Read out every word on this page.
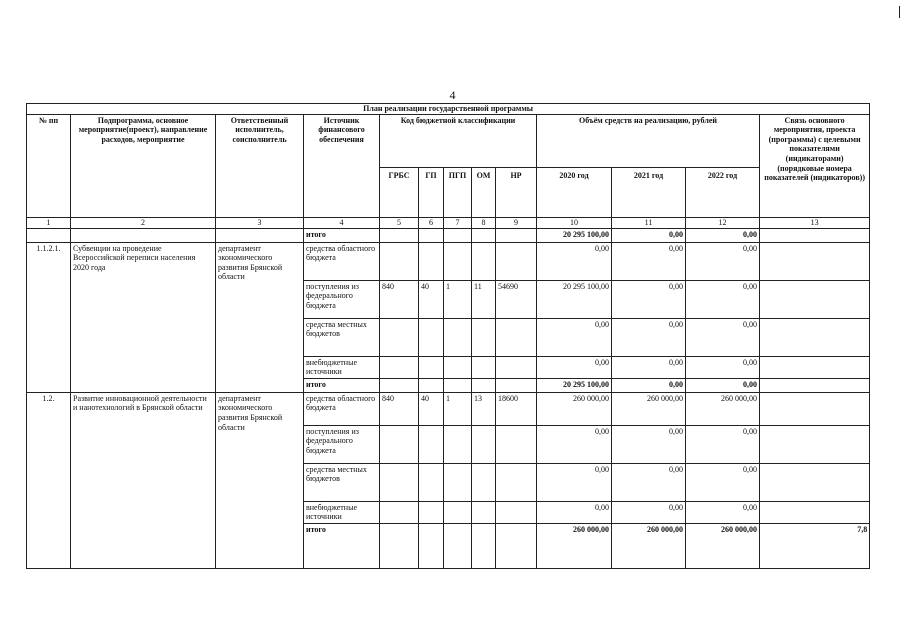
4
План реализации государственной программы												
№ пп	Подпрограмма, основное мероприятие(проект), направление расходов, мероприятие	Ответственный исполнитель, соисполнитель	Источник финансового обеспечения	Код бюджетной классификации					Объём средств на реализацию, рублей			Связь основного мероприятия, проекта (программы) с целевыми показателями (индикаторами) (порядковые номера показателей (индикаторов))
				ГРБС	ГП	ПГП	ОМ	НР	2020 год	2021 год	2022 год	
1	2	3	4	5	6	7	8	9	10	11	12	13
			итого						20 295 100,00	0,00	0,00	
1.1.2.1.	Субвенции на проведение Всероссийской переписи населения 2020 года	департамент экономического развития Брянской области	средства областного бюджета						0,00	0,00	0,00	
			поступления из федерального бюджета	840	40	1	11	54690	20 295 100,00	0,00	0,00	
			средства местных бюджетов						0,00	0,00	0,00	
			внебюджетные источники						0,00	0,00	0,00	
			итого						20 295 100,00	0,00	0,00	
1.2.	Развитие инновационной деятельности и нанотехнологий в Брянской области	департамент экономического развития Брянской области	средства областного бюджета	840	40	1	13	18600	260 000,00	260 000,00	260 000,00	
			поступления из федерального бюджета						0,00	0,00	0,00	
			средства местных бюджетов						0,00	0,00	0,00	
			внебюджетные источники						0,00	0,00	0,00	
			итого						260 000,00	260 000,00	260 000,00	7,8
